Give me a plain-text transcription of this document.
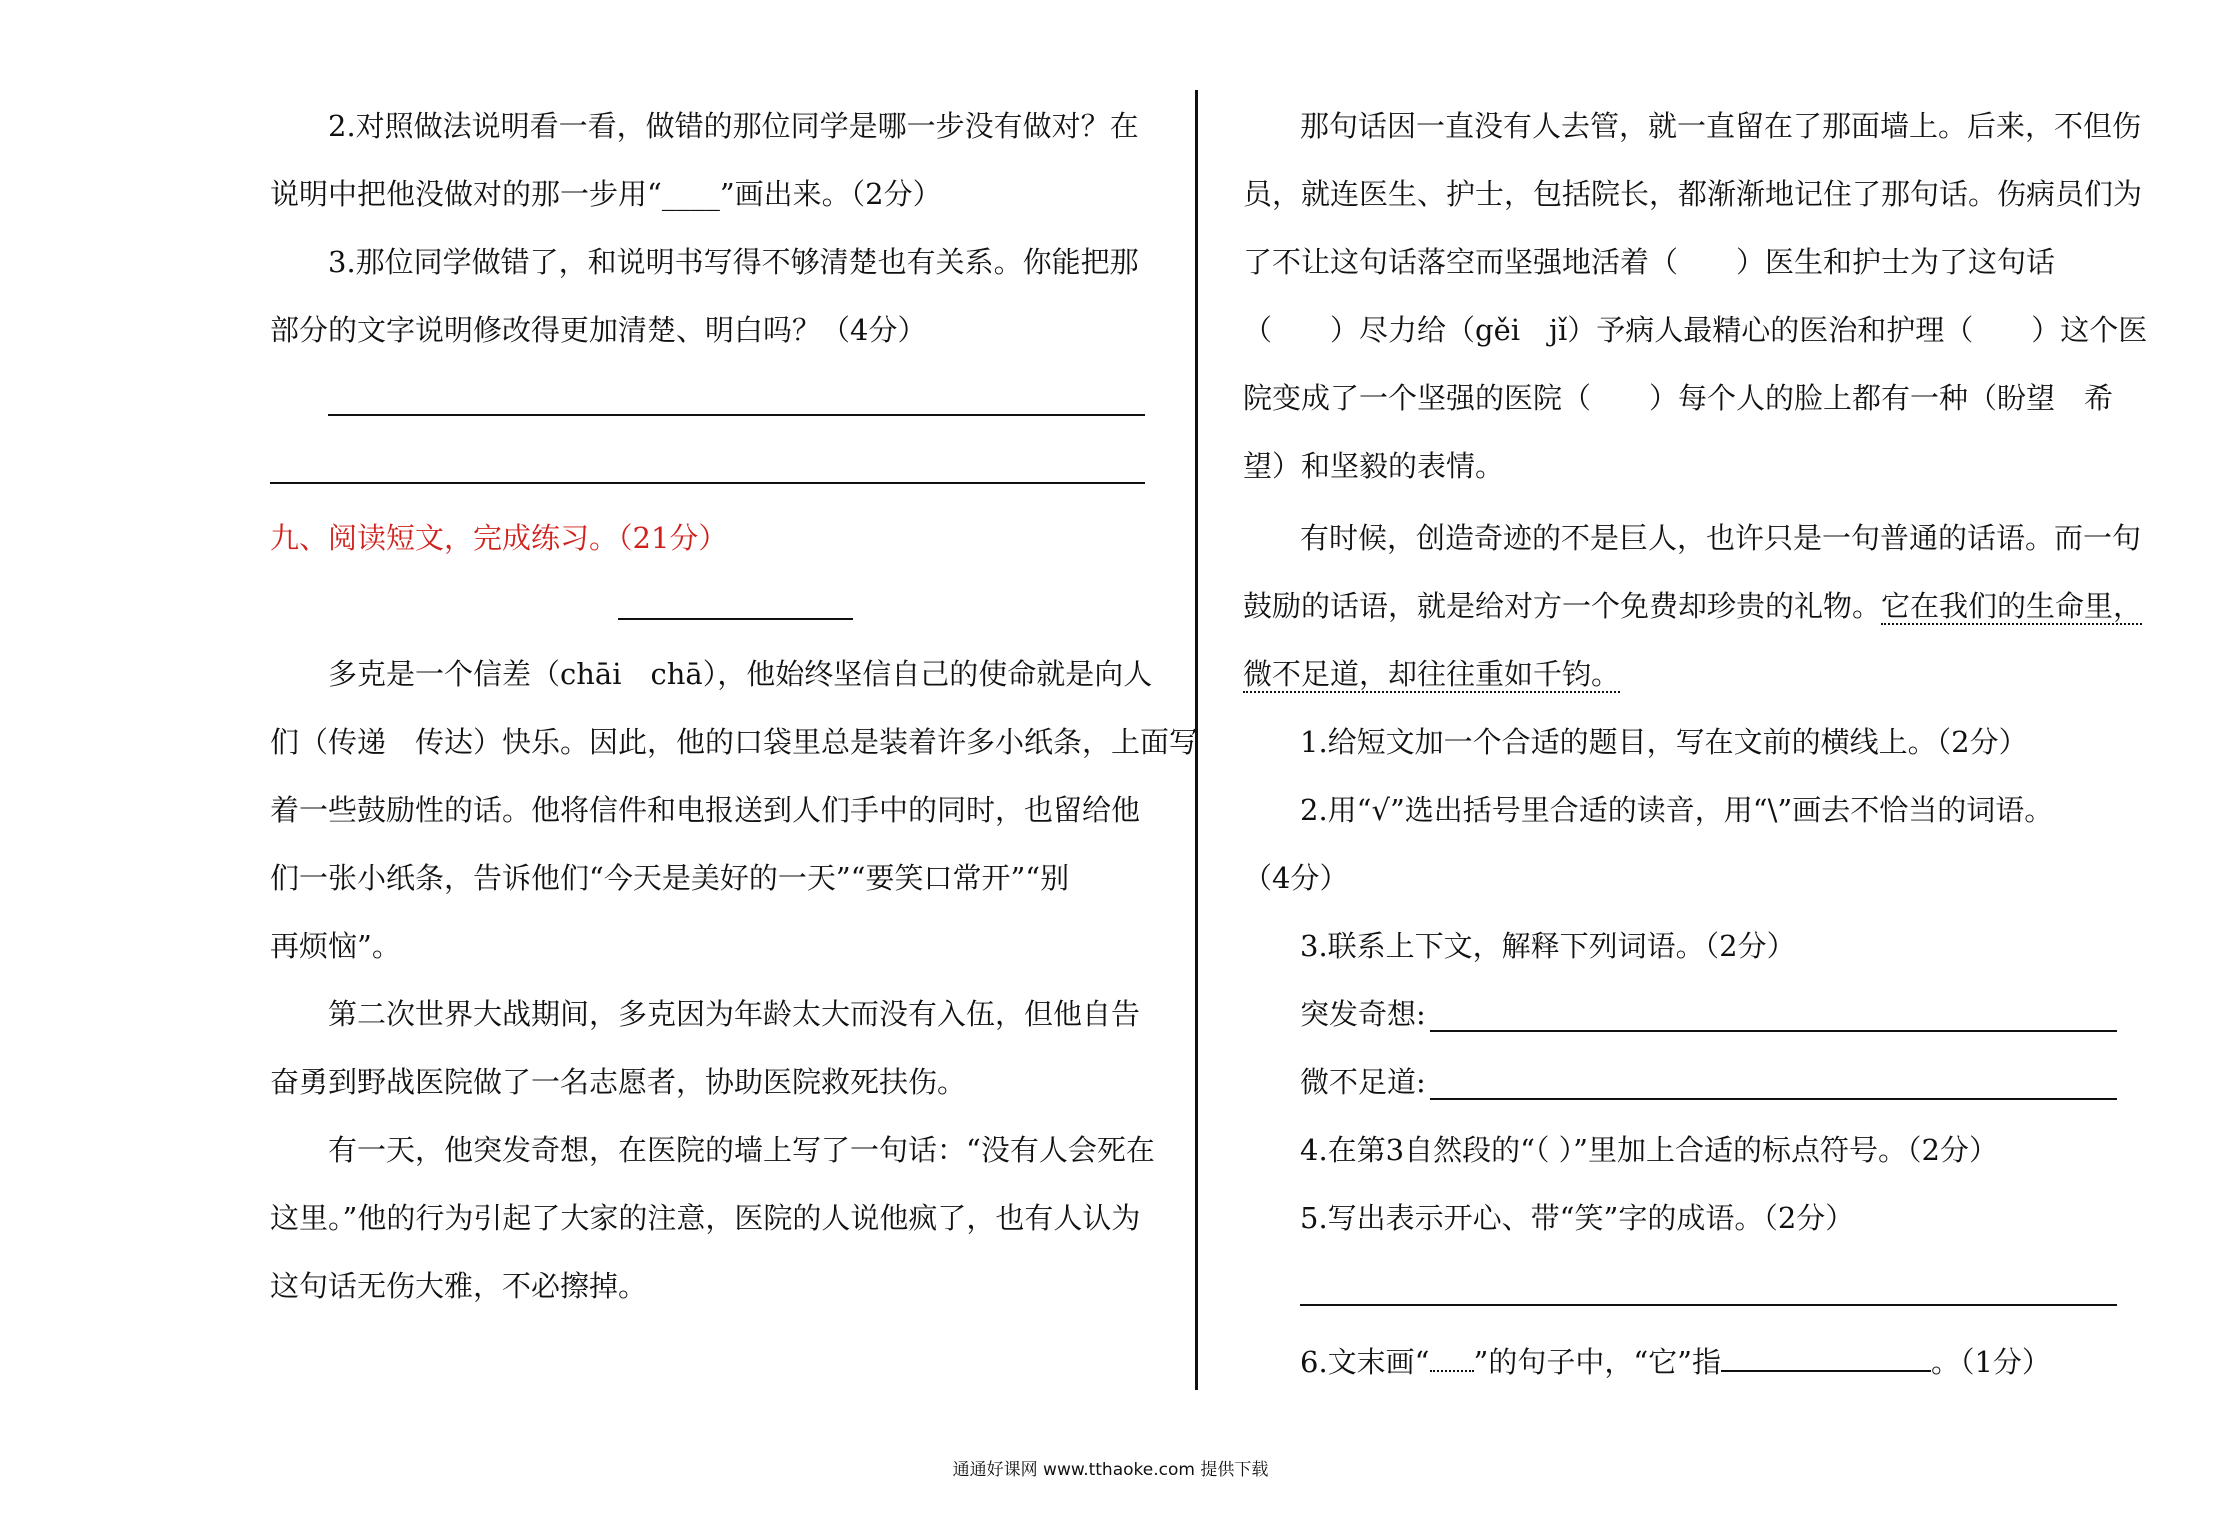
2.对照做法说明看一看，做错的那位同学是哪一步没有做对？在
说明中把他没做对的那一步用“____”画出来。（2分）
3.那位同学做错了，和说明书写得不够清楚也有关系。你能把那
部分的文字说明修改得更加清楚、明白吗？（4分）
九、阅读短文，完成练习。（21分）
多克是一个信差（chāi　chā），他始终坚信自己的使命就是向人
们（传递　传达）快乐。因此，他的口袋里总是装着许多小纸条，上面写
着一些鼓励性的话。他将信件和电报送到人们手中的同时，也留给他
们一张小纸条，告诉他们“今天是美好的一天”“要笑口常开”“别
再烦恼”。
第二次世界大战期间，多克因为年龄太大而没有入伍，但他自告
奋勇到野战医院做了一名志愿者，协助医院救死扶伤。
有一天，他突发奇想，在医院的墙上写了一句话：“没有人会死在
这里。”他的行为引起了大家的注意，医院的人说他疯了，也有人认为
这句话无伤大雅，不必擦掉。
那句话因一直没有人去管，就一直留在了那面墙上。后来，不但伤
员，就连医生、护士，包括院长，都渐渐地记住了那句话。伤病员们为
了不让这句话落空而坚强地活着（　　）医生和护士为了这句话
（　　）尽力给（gěi　jǐ）予病人最精心的医治和护理（　　）这个医
院变成了一个坚强的医院（　　）每个人的脸上都有一种（盼望　希
望）和坚毅的表情。
有时候，创造奇迹的不是巨人，也许只是一句普通的话语。而一句
鼓励的话语，就是给对方一个免费却珍贵的礼物。它在我们的生命里，
微不足道，却往往重如千钧。
1.给短文加一个合适的题目，写在文前的横线上。（2分）
2.用“√”选出括号里合适的读音，用“\”画去不恰当的词语。
（4分）
3.联系上下文，解释下列词语。（2分）
突发奇想:
微不足道:
4.在第3自然段的“（ ）”里加上合适的标点符号。（2分）
5.写出表示开心、带“笑”字的成语。（2分）
6.文末画“ ”的句子中，“它”指	。（1分）
通通好课网 www.tthaoke.com 提供下载
